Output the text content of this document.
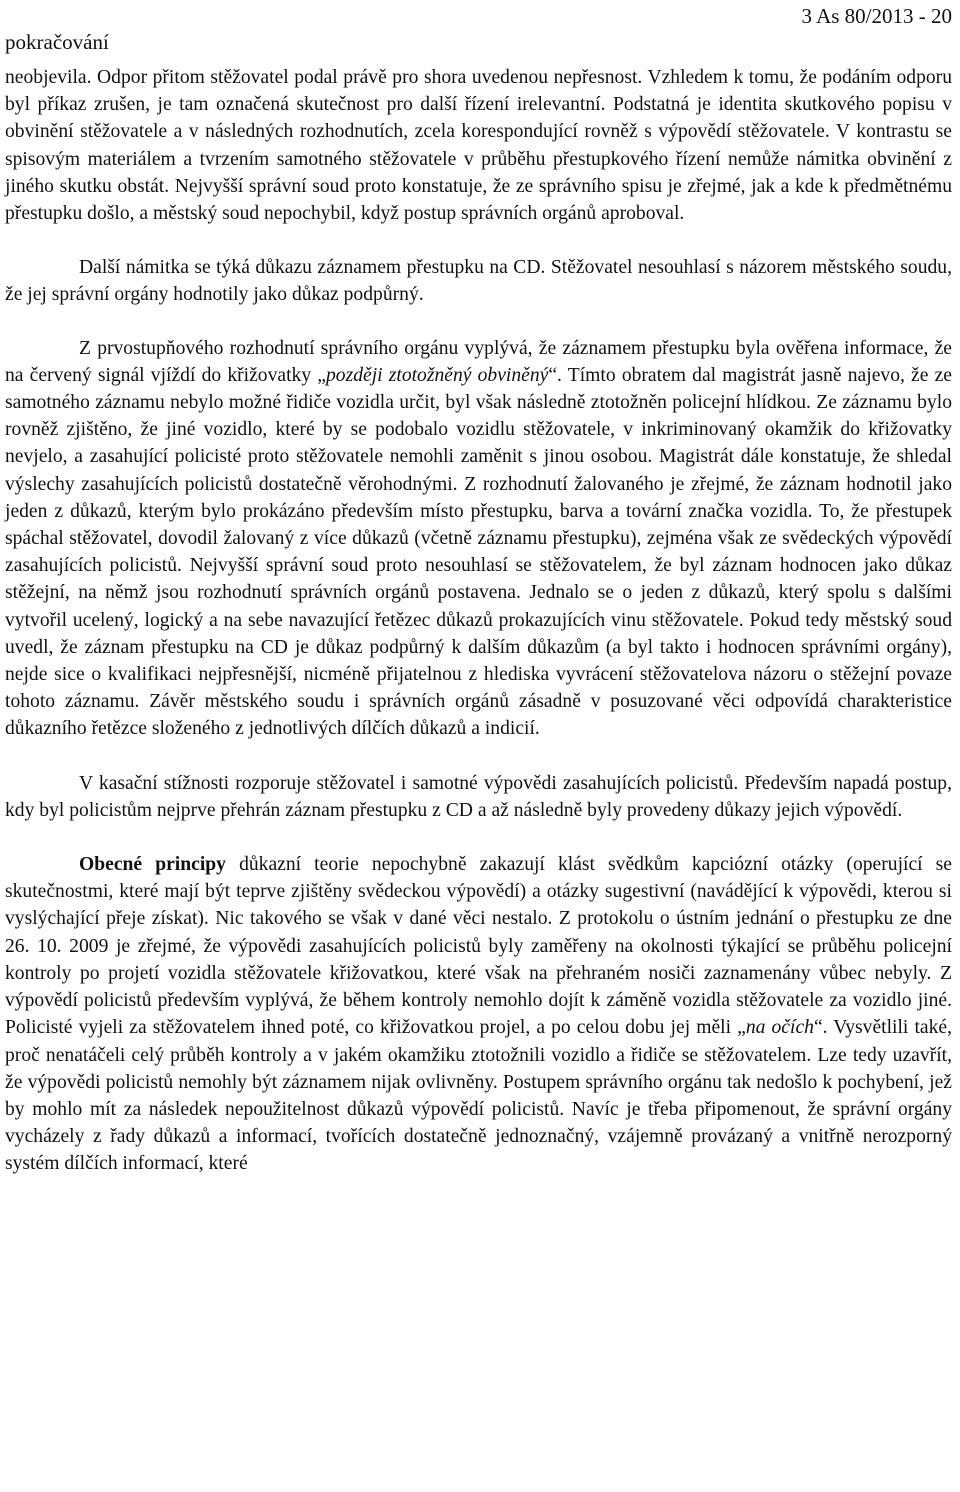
pokračování
3 As 80/2013 - 20

neobjevila. Odpor přitom stěžovatel podal právě pro shora uvedenou nepřesnost. Vzhledem k tomu, že podáním odporu byl příkaz zrušen, je tam označená skutečnost pro další řízení irelevantní. Podstatná je identita skutkového popisu v obvinění stěžovatele a v následných rozhodnutích, zcela korespondující rovněž s výpovědí stěžovatele. V kontrastu se spisovým materiálem a tvrzením samotného stěžovatele v průběhu přestupkového řízení nemůže námitka obvinění z jiného skutku obstát. Nejvyšší správní soud proto konstatuje, že ze správního spisu je zřejmé, jak a kde k předmětnému přestupku došlo, a městský soud nepochybil, když postup správních orgánů aproboval.

Další námitka se týká důkazu záznamem přestupku na CD. Stěžovatel nesouhlasí s názorem městského soudu, že jej správní orgány hodnotily jako důkaz podpůrný.

Z prvostupňového rozhodnutí správního orgánu vyplývá, že záznamem přestupku byla ověřena informace, že na červený signál vjíždí do křižovatky „později ztotožněný obviněný“. Tímto obratem dal magistrát jasně najevo, že ze samotného záznamu nebylo možné řidiče vozidla určit, byl však následně ztotožněn policejní hlídkou. Ze záznamu bylo rovněž zjištěno, že jiné vozidlo, které by se podobalo vozidlu stěžovatele, v inkriminovaný okamžik do křižovatky nevjelo, a zasahující policisté proto stěžovatele nemohli zaměnit s jinou osobou. Magistrát dále konstatuje, že shledal výslechy zasahujících policistů dostatečně věrohodnými. Z rozhodnutí žalovaného je zřejmé, že záznam hodnotil jako jeden z důkazů, kterým bylo prokázáno především místo přestupku, barva a tovární značka vozidla. To, že přestupek spáchal stěžovatel, dovodil žalovaný z více důkazů (včetně záznamu přestupku), zejména však ze svědeckých výpovědí zasahujících policistů. Nejvyšší správní soud proto nesouhlasí se stěžovatelem, že byl záznam hodnocen jako důkaz stěžejní, na němž jsou rozhodnutí správních orgánů postavena. Jednalo se o jeden z důkazů, který spolu s dalšími vytvořil ucelený, logický a na sebe navazující řetězec důkazů prokazujících vinu stěžovatele. Pokud tedy městský soud uvedl, že záznam přestupku na CD je důkaz podpůrný k dalším důkazům (a byl takto i hodnocen správními orgány), nejde sice o kvalifikaci nejpřesnější, nicméně přijatelnou z hlediska vyvrácení stěžovatelova názoru o stěžejní povaze tohoto záznamu. Závěr městského soudu i správních orgánů zásadně v posuzované věci odpovídá charakteristice důkazního řetězce složeného z jednotlivých dílčích důkazů a indicií.

V kasační stížnosti rozporuje stěžovatel i samotné výpovědi zasahujících policistů. Především napadá postup, kdy byl policistům nejprve přehrán záznam přestupku z CD a až následně byly provedeny důkazy jejich výpovědí.

Obecné principy důkazní teorie nepochybně zakazují klást svědkům kapciózní otázky (operující se skutečnostmi, které mají být teprve zjištěny svědeckou výpovědí) a otázky sugestivní (navádějící k výpovědi, kterou si vyslýchající přeje získat). Nic takového se však v dané věci nestalo. Z protokolu o ústním jednání o přestupku ze dne 26. 10. 2009 je zřejmé, že výpovědi zasahujících policistů byly zaměřeny na okolnosti týkající se průběhu policejní kontroly po projetí vozidla stěžovatele křižovatkou, které však na přehraném nosiči zaznamenány vůbec nebyly. Z výpovědí policistů především vyplývá, že během kontroly nemohlo dojít k záměně vozidla stěžovatele za vozidlo jiné. Policisté vyjeli za stěžovatelem ihned poté, co křižovatkou projel, a po celou dobu jej měli „na očích“. Vysvětlili také, proč nenatáčeli celý průběh kontroly a v jakém okamžiku ztotožnili vozidlo a řidiče se stěžovatelem. Lze tedy uzavřít, že výpovědi policistů nemohly být záznamem nijak ovlivněny. Postupem správního orgánu tak nedošlo k pochybení, jež by mohlo mít za následek nepoužitelnost důkazů výpovědí policistů. Navíc je třeba připomenout, že správní orgány vycházely z řady důkazů a informací, tvořících dostatečně jednoznačný, vzájemně provázaný a vnitřně nerozporný systém dílčích informací, které
